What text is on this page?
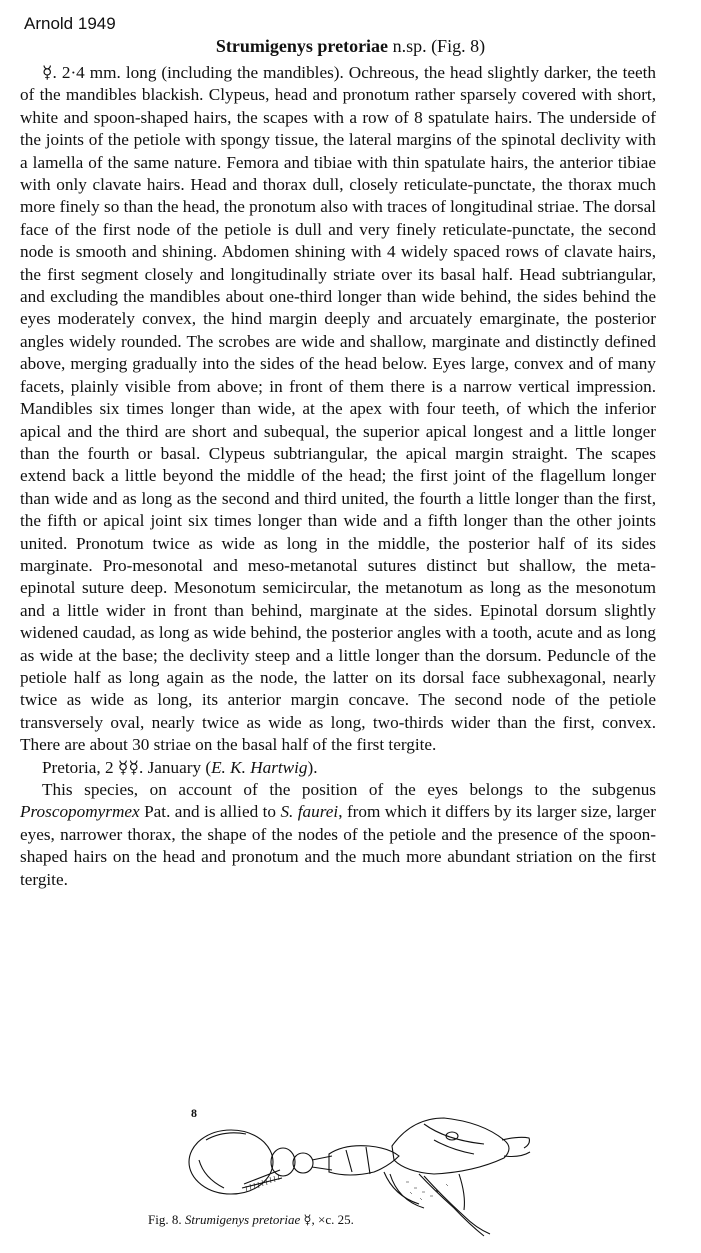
Arnold 1949
Strumigenys pretoriae n.sp. (Fig. 8)

☿. 2·4 mm. long (including the mandibles). Ochreous, the head slightly darker, the teeth of the mandibles blackish. Clypeus, head and pronotum rather sparsely covered with short, white and spoon-shaped hairs, the scapes with a row of 8 spatulate hairs. The underside of the joints of the petiole with spongy tissue, the lateral margins of the spinotal declivity with a lamella of the same nature. Femora and tibiae with thin spatulate hairs, the anterior tibiae with only clavate hairs. Head and thorax dull, closely reticulate-punctate, the thorax much more finely so than the head, the pronotum also with traces of longitudinal striae. The dorsal face of the first node of the petiole is dull and very finely reticulate-punctate, the second node is smooth and shining. Abdomen shining with 4 widely spaced rows of clavate hairs, the first segment closely and longitudinally striate over its basal half. Head subtriangular, and excluding the mandibles about one-third longer than wide behind, the sides behind the eyes moderately convex, the hind margin deeply and arcuately emarginate, the posterior angles widely rounded. The scrobes are wide and shallow, marginate and distinctly defined above, merging gradually into the sides of the head below. Eyes large, convex and of many facets, plainly visible from above; in front of them there is a narrow vertical impression. Mandibles six times longer than wide, at the apex with four teeth, of which the inferior apical and the third are short and subequal, the superior apical longest and a little longer than the fourth or basal. Clypeus subtriangular, the apical margin straight. The scapes extend back a little beyond the middle of the head; the first joint of the flagellum longer than wide and as long as the second and third united, the fourth a little longer than the first, the fifth or apical joint six times longer than wide and a fifth longer than the other joints united. Pronotum twice as wide as long in the middle, the posterior half of its sides marginate. Pro-mesonotal and meso-metanotal sutures distinct but shallow, the meta-epinotal suture deep. Mesonotum semicircular, the metanotum as long as the mesonotum and a little wider in front than behind, marginate at the sides. Epinotal dorsum slightly widened caudad, as long as wide behind, the posterior angles with a tooth, acute and as long as wide at the base; the declivity steep and a little longer than the dorsum. Peduncle of the petiole half as long again as the node, the latter on its dorsal face subhexagonal, nearly twice as wide as long, its anterior margin concave. The second node of the petiole transversely oval, nearly twice as wide as long, two-thirds wider than the first, convex. There are about 30 striae on the basal half of the first tergite.

Pretoria, 2 ☿☿. January (E. K. Hartwig).

This species, on account of the position of the eyes belongs to the subgenus Proscopomyrmex Pat. and is allied to S. faurei, from which it differs by its larger size, larger eyes, narrower thorax, the shape of the nodes of the petiole and the presence of the spoon-shaped hairs on the head and pronotum and the much more abundant striation on the first tergite.

8
Fig. 8. Strumigenys pretoriae ☿, ×c. 25.
